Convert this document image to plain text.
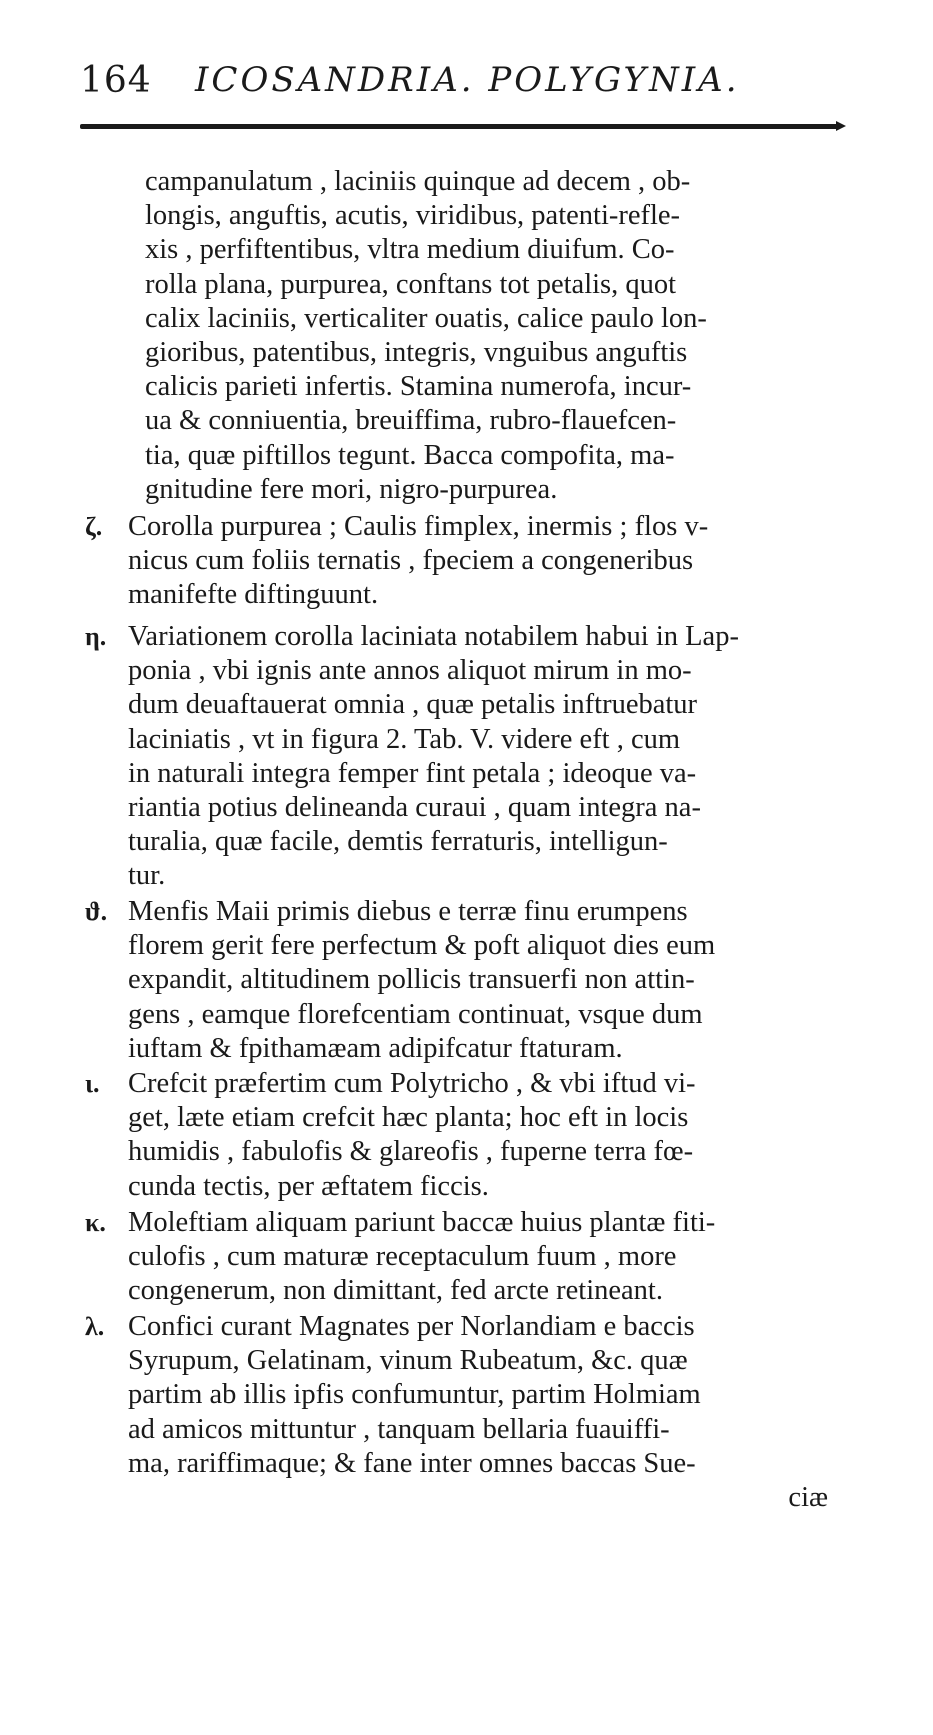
164 ICOSANDRIA. POLYGYNIA.
campanulatum , laciniis quinque ad decem , ob-
longis, anguftis, acutis, viridibus, patenti-refle-
xis , perfiftentibus, vltra medium diuifum. Co-
rolla plana, purpurea, conftans tot petalis, quot
calix laciniis, verticaliter ouatis, calice paulo lon-
gioribus, patentibus, integris, vnguibus anguftis
calicis parieti infertis. Stamina numerofa, incur-
ua & conniuentia, breuiffima, rubro-flauefcen-
tia, quæ piftillos tegunt. Bacca compofita, ma-
gnitudine fere mori, nigro-purpurea.
ζ. Corolla purpurea ; Caulis fimplex, inermis ; flos v-
nicus cum foliis ternatis , fpeciem a congeneribus
manifefte diftinguunt.
η. Variationem corolla laciniata notabilem habui in Lap-
ponia , vbi ignis ante annos aliquot mirum in mo-
dum deuaftauerat omnia , quæ petalis inftruebatur
laciniatis , vt in figura 2. Tab. V. videre eft , cum
in naturali integra femper fint petala ; ideoque va-
riantia potius delineanda curaui , quam integra na-
turalia, quæ facile, demtis ferraturis, intelligun-
tur.
ϑ. Menfis Maii primis diebus e terræ finu erumpens
florem gerit fere perfectum & poft aliquot dies eum
expandit, altitudinem pollicis transuerfi non attin-
gens , eamque florefcentiam continuat, vsque dum
iuftam & fpithamæam adipifcatur ftaturam.
ι. Crefcit præfertim cum Polytricho , & vbi iftud vi-
get, læte etiam crefcit hæc planta; hoc eft in locis
humidis , fabulofis & glareofis , fuperne terra fœ-
cunda tectis, per æftatem ficcis.
κ. Moleftiam aliquam pariunt baccæ huius plantæ fiti-
culofis , cum maturæ receptaculum fuum , more
congenerum, non dimittant, fed arcte retineant.
λ. Confici curant Magnates per Norlandiam e baccis
Syrupum, Gelatinam, vinum Rubeatum, &c. quæ
partim ab illis ipfis confumuntur, partim Holmiam
ad amicos mittuntur , tanquam bellaria fuauiffi-
ma, rariffimaque; & fane inter omnes baccas Sue-
ciæ
